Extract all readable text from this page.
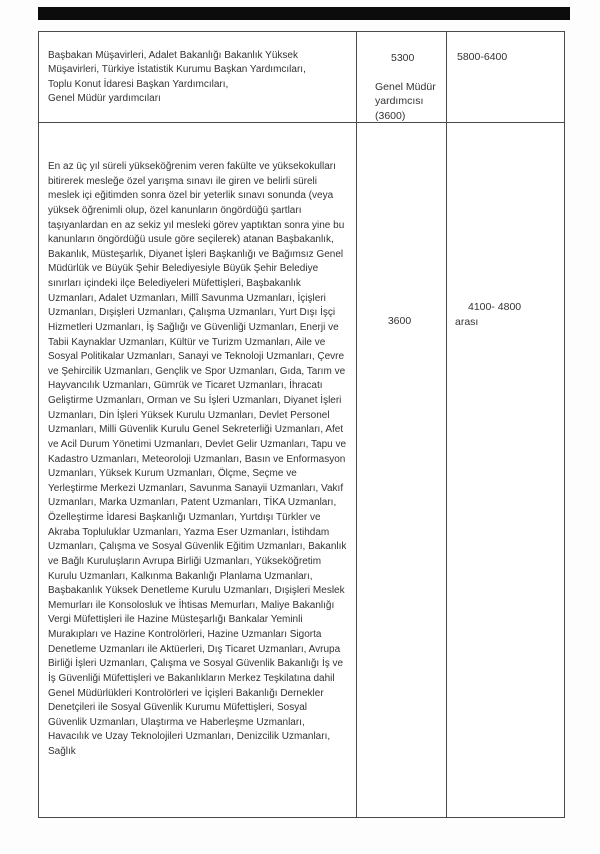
Başbakan Müşavirleri, Adalet Bakanlığı Bakanlık Yüksek
Müşavirleri, Türkiye İstatistik Kurumu Başkan Yardımcıları,
Toplu Konut İdaresi Başkan Yardımcıları,
Genel Müdür yardımcıları
5300
Genel Müdür yardımcısı (3600)
5800-6400
En az üç yıl süreli yükseköğrenim veren fakülte ve yüksekokulları bitirerek mesleğe özel yarışma sınavı ile giren ve belirli süreli meslek içi eğitimden sonra özel bir yeterlik sınavı sonunda (veya yüksek öğrenimli olup, özel kanunların öngördüğü şartları taşıyanlardan en az sekiz yıl mesleki görev yaptıktan sonra yine bu kanunların öngördüğü usule göre seçilerek) atanan Başbakanlık, Bakanlık, Müsteşarlık, Diyanet İşleri Başkanlığı ve Bağımsız Genel Müdürlük ve Büyük Şehir Belediyesiyle Büyük Şehir Belediye sınırları içindeki ilçe Belediyeleri Müfettişleri, Başbakanlık Uzmanları, Adalet Uzmanları, Millî Savunma Uzmanları, İçişleri Uzmanları, Dışişleri Uzmanları, Çalışma Uzmanları, Yurt Dışı İşçi Hizmetleri Uzmanları, İş Sağlığı ve Güvenliği Uzmanları, Enerji ve Tabii Kaynaklar Uzmanları, Kültür ve Turizm Uzmanları, Aile ve Sosyal Politikalar Uzmanları, Sanayi ve Teknoloji Uzmanları, Çevre ve Şehircilik Uzmanları, Gençlik ve Spor Uzmanları, Gıda, Tarım ve Hayvancılık Uzmanları, Gümrük ve Ticaret Uzmanları, İhracatı Geliştirme Uzmanları, Orman ve Su İşleri Uzmanları, Diyanet İşleri Uzmanları, Din İşleri Yüksek Kurulu Uzmanları, Devlet Personel Uzmanları, Milli Güvenlik Kurulu Genel Sekreterliği Uzmanları, Afet ve Acil Durum Yönetimi Uzmanları, Devlet Gelir Uzmanları, Tapu ve Kadastro Uzmanları, Meteoroloji Uzmanları, Basın ve Enformasyon Uzmanları, Yüksek Kurum Uzmanları, Ölçme, Seçme ve Yerleştirme Merkezi Uzmanları, Savunma Sanayii Uzmanları, Vakıf Uzmanları, Marka Uzmanları, Patent Uzmanları, TİKA Uzmanları, Özelleştirme İdaresi Başkanlığı Uzmanları, Yurtdışı Türkler ve Akraba Topluluklar Uzmanları, Yazma Eser Uzmanları, İstihdam Uzmanları, Çalışma ve Sosyal Güvenlik Eğitim Uzmanları, Bakanlık ve Bağlı Kuruluşların Avrupa Birliği Uzmanları, Yükseköğretim Kurulu Uzmanları, Kalkınma Bakanlığı Planlama Uzmanları, Başbakanlık Yüksek Denetleme Kurulu Uzmanları, Dışişleri Meslek Memurları ile Konsolosluk ve İhtisas Memurları, Maliye Bakanlığı Vergi Müfettişleri ile Hazine Müsteşarlığı Bankalar Yeminli Murakıpları ve Hazine Kontrolörleri, Hazine Uzmanları Sigorta Denetleme Uzmanları ile Aktüerleri, Dış Ticaret Uzmanları, Avrupa Birliği İşleri Uzmanları, Çalışma ve Sosyal Güvenlik Bakanlığı İş ve İş Güvenliği Müfettişleri ve Bakanlıkların Merkez Teşkilatına dahil Genel Müdürlükleri Kontrolörleri ve İçişleri Bakanlığı Dernekler Denetçileri ile Sosyal Güvenlik Kurumu Müfettişleri, Sosyal Güvenlik Uzmanları, Ulaştırma ve Haberleşme Uzmanları, Havacılık ve Uzay Teknolojileri Uzmanları, Denizcilik Uzmanları, Sağlık
3600
4100- 4800
arası
